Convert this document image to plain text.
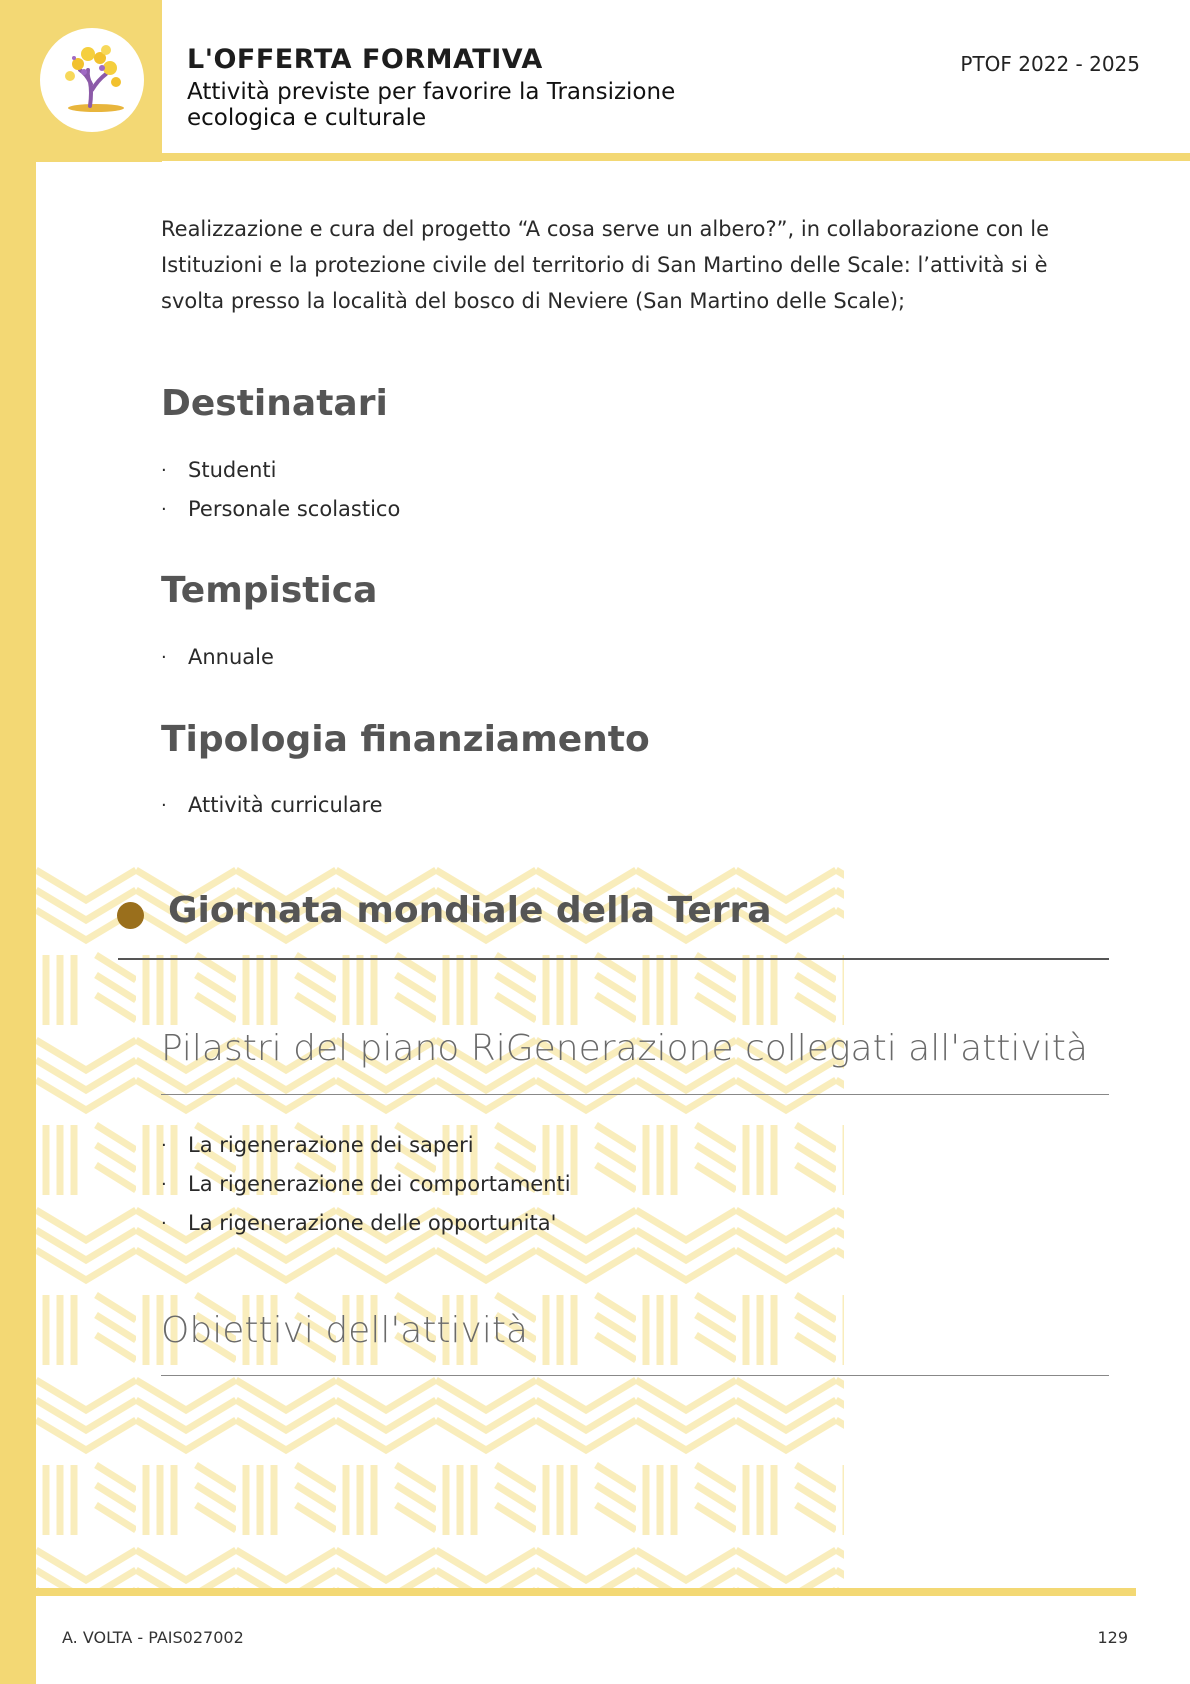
L'OFFERTA FORMATIVA
Attività previste per favorire la Transizione ecologica e culturale
PTOF 2022 - 2025
Realizzazione e cura del progetto “A cosa serve un albero?”, in collaborazione con le Istituzioni e la protezione civile del territorio di San Martino delle Scale: l’attività si è svolta presso la località del bosco di Neviere (San Martino delle Scale);
Destinatari
· Studenti
· Personale scolastico
Tempistica
· Annuale
Tipologia finanziamento
· Attività curriculare
Giornata mondiale della Terra
Pilastri del piano RiGenerazione collegati all'attività
· La rigenerazione dei saperi
· La rigenerazione dei comportamenti
· La rigenerazione delle opportunita'
Obiettivi dell'attività
A. VOLTA - PAIS027002	129
